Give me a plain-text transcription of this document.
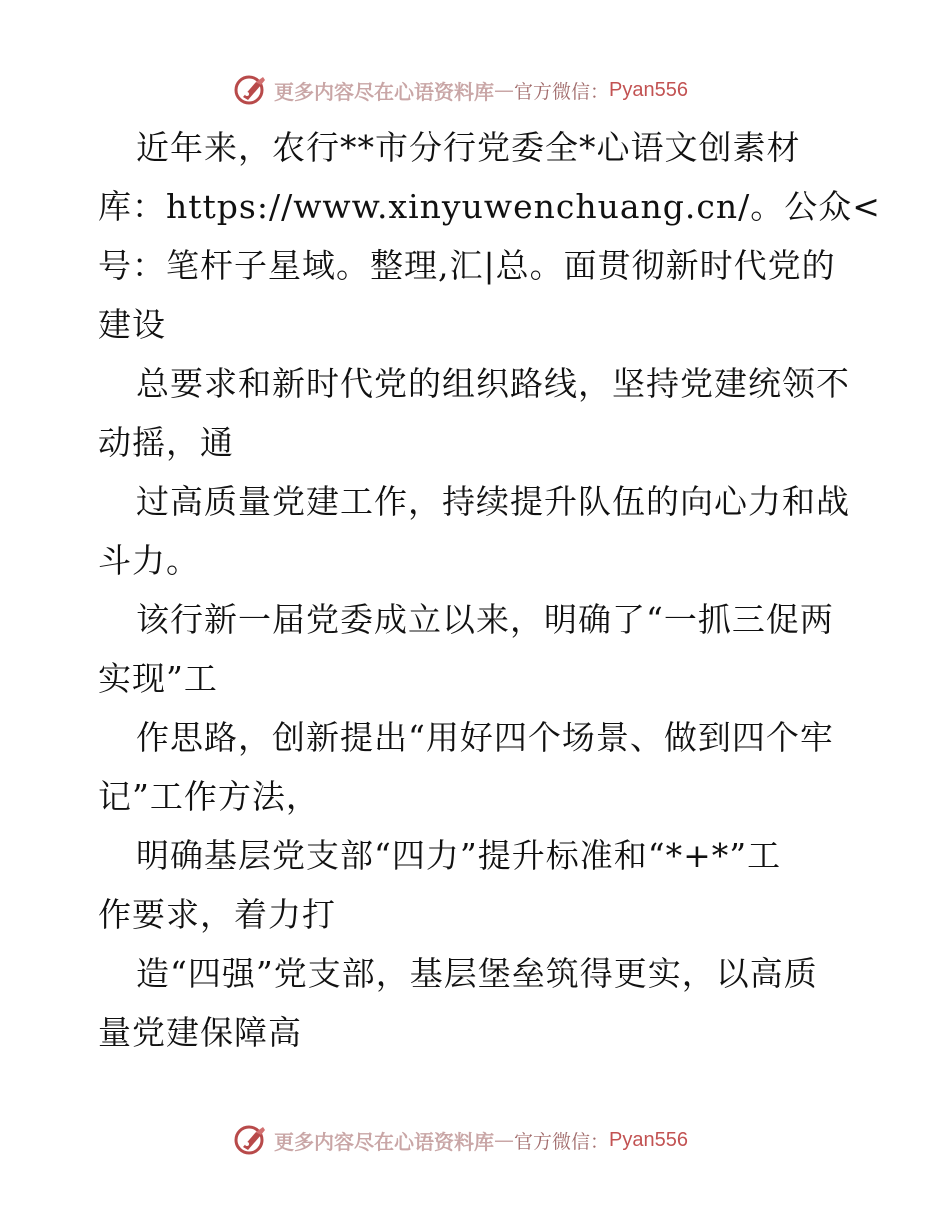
更多内容尽在心语资料库 — 官方微信： Pyan556
近年来，农行**市分行党委全*心语文创素材
库：https://www.xinyuwenchuang.cn/。公众<
号：笔杆子星域。整理,汇|总。面贯彻新时代党的
建设
总要求和新时代党的组织路线，坚持党建统领不
动摇，通
过高质量党建工作，持续提升队伍的向心力和战
斗力。
该行新一届党委成立以来，明确了“一抓三促两
实现”工
作思路，创新提出“用好四个场景、做到四个牢
记”工作方法，
明确基层党支部“四力”提升标准和“*+*”工
作要求，着力打
造“四强”党支部，基层堡垒筑得更实，以高质
量党建保障高
更多内容尽在心语资料库 — 官方微信： Pyan556
